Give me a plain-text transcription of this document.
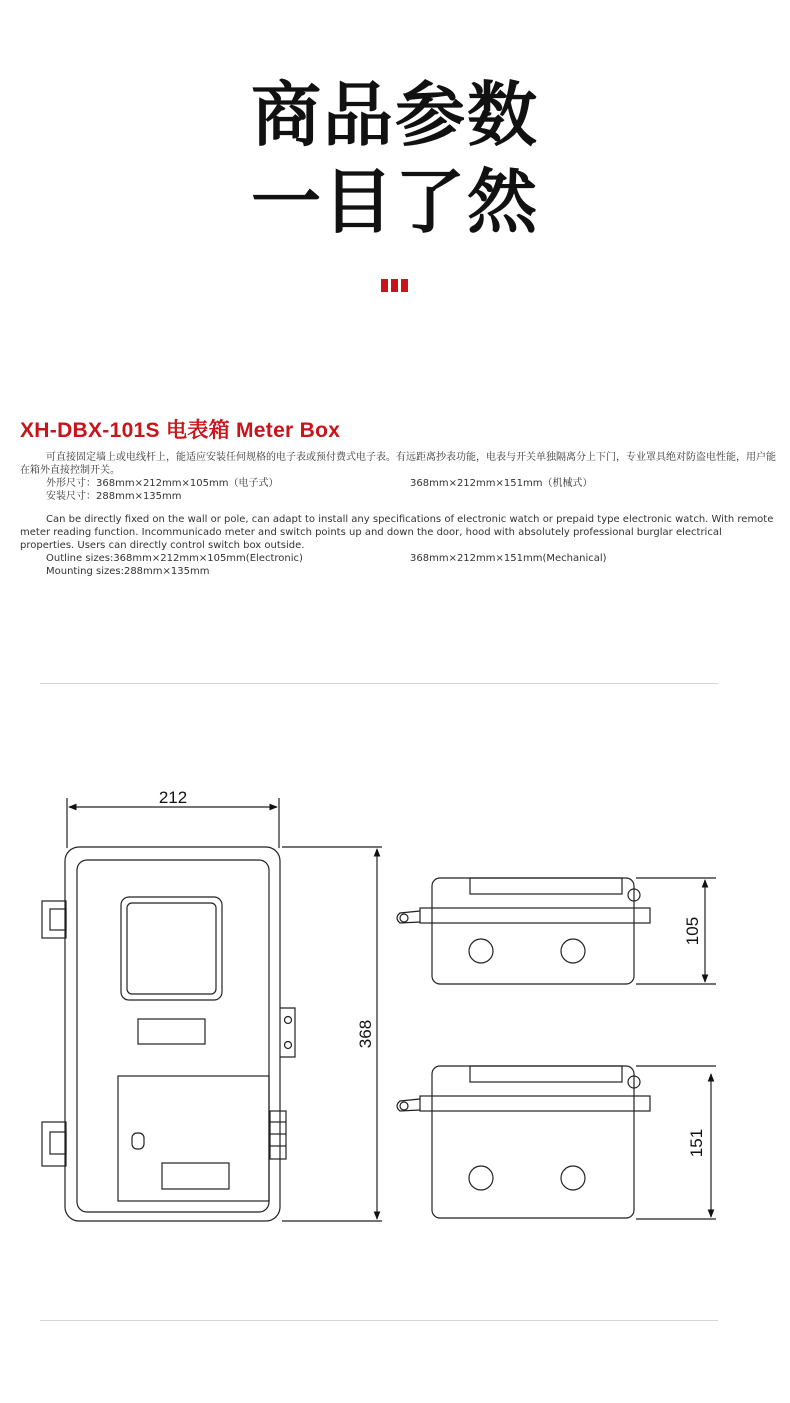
商品参数
一目了然
XH-DBX-101S 电表箱 Meter Box

可直接固定墙上或电线杆上，能适应安装任何规格的电子表或预付费式电子表。有远距离抄表功能，电表与开关单独隔离分上下门，专业罩具绝对防盗电性能，用户能在箱外直接控制开关。

外形尺寸：368mm×212mm×105mm（电子式）	368mm×212mm×151mm（机械式）

安装尺寸：288mm×135mm

Can be directly fixed on the wall or pole, can adapt to install any specifications of electronic watch or prepaid type electronic watch. With remote meter reading function. Incommunicado meter and switch points up and down the door, hood with absolutely professional burglar electrical properties. Users can directly control switch box outside.

Outline sizes:368mm×212mm×105mm(Electronic)	368mm×212mm×151mm(Mechanical)

Mounting sizes:288mm×135mm

212
368
105
151
